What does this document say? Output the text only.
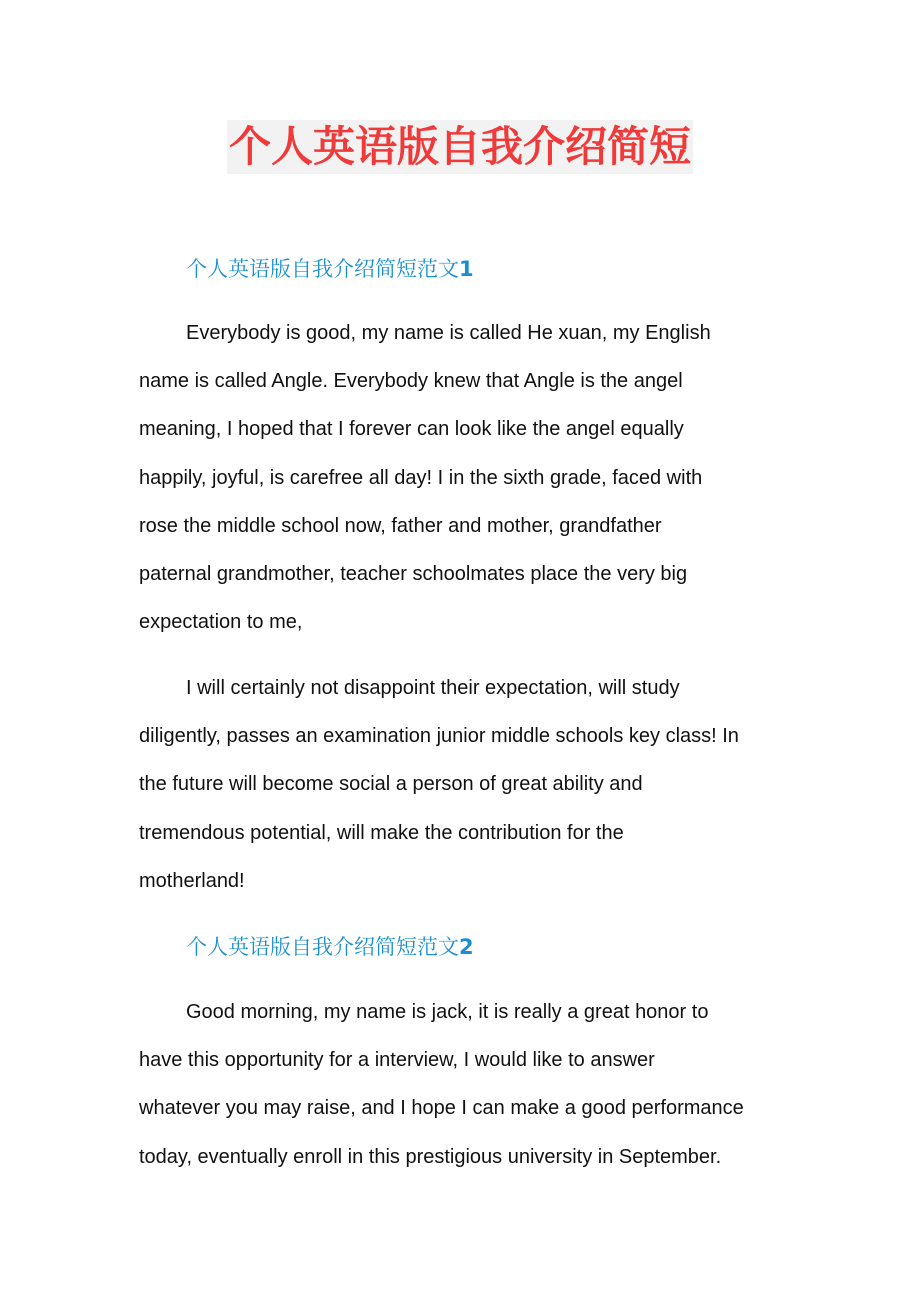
个人英语版自我介绍简短
个人英语版自我介绍简短范文1
Everybody is good, my name is called He xuan, my English
name is called Angle. Everybody knew that Angle is the angel
meaning, I hoped that I forever can look like the angel equally
happily, joyful, is carefree all day! I in the sixth grade, faced with
rose the middle school now, father and mother, grandfather
paternal grandmother, teacher schoolmates place the very big
expectation to me,
I will certainly not disappoint their expectation, will study
diligently, passes an examination junior middle schools key class! In
the future will become social a person of great ability and
tremendous potential, will make the contribution for the
motherland!
个人英语版自我介绍简短范文2
Good morning, my name is jack, it is really a great honor to
have this opportunity for a interview, I would like to answer
whatever you may raise, and I hope I can make a good performance
today, eventually enroll in this prestigious university in September.
